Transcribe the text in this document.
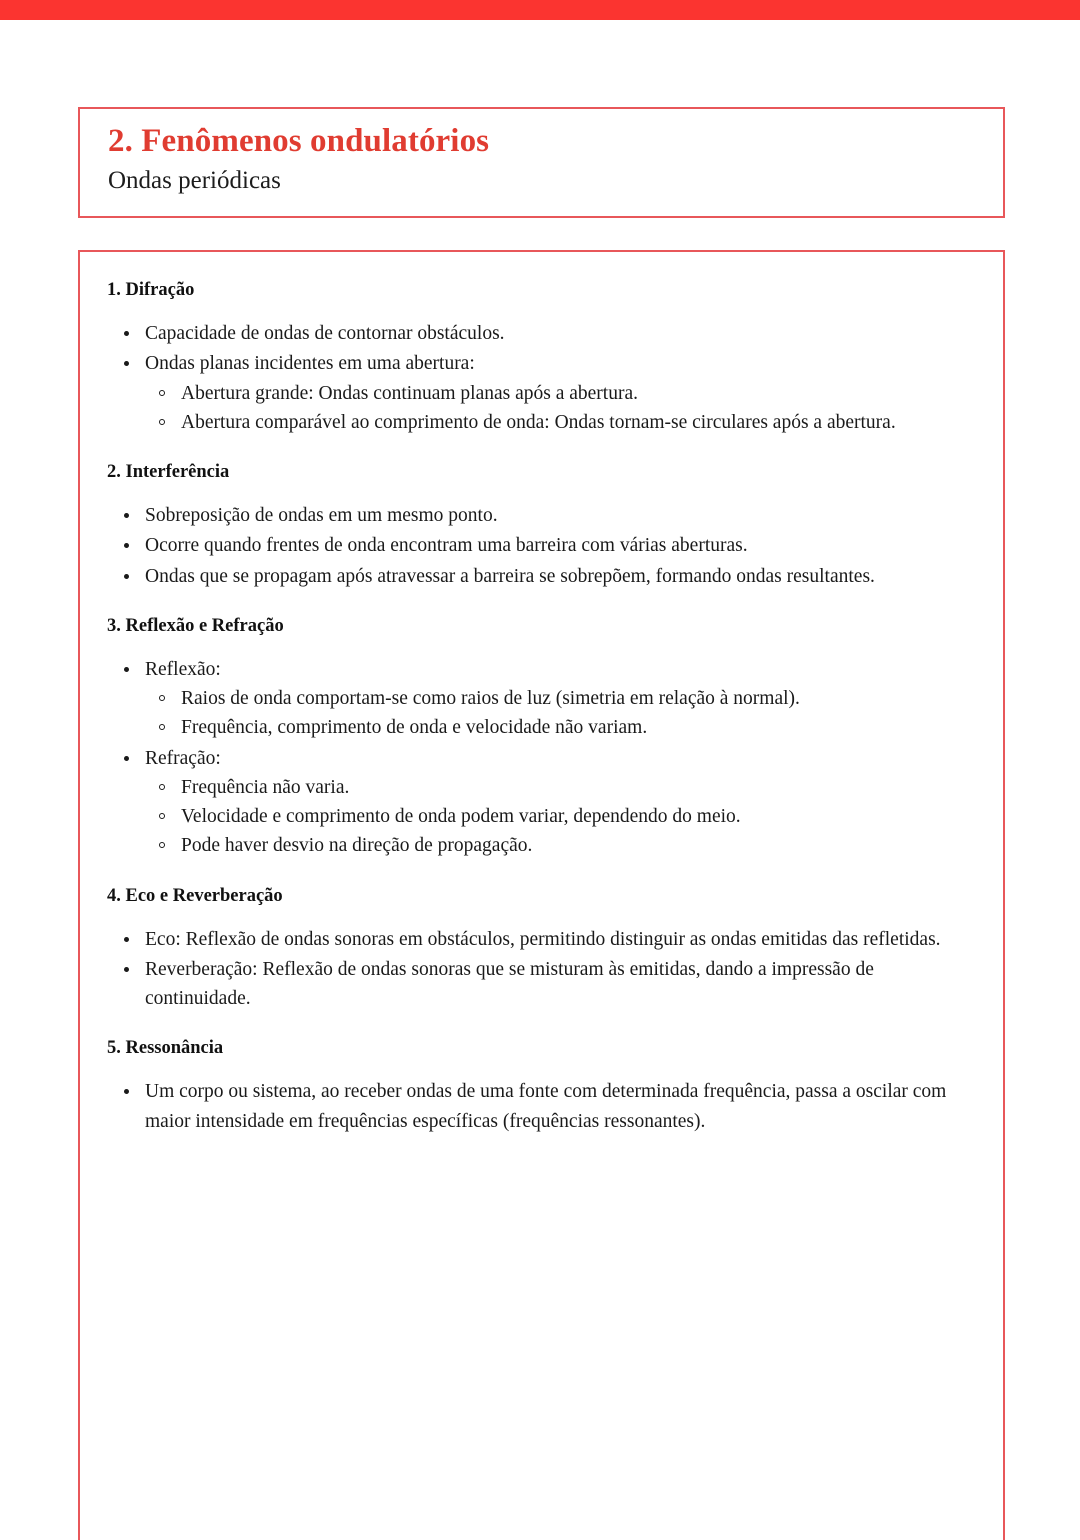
2. Fenômenos ondulatórios
Ondas periódicas
1. Difração
Capacidade de ondas de contornar obstáculos.
Ondas planas incidentes em uma abertura:
Abertura grande: Ondas continuam planas após a abertura.
Abertura comparável ao comprimento de onda: Ondas tornam-se circulares após a abertura.
2. Interferência
Sobreposição de ondas em um mesmo ponto.
Ocorre quando frentes de onda encontram uma barreira com várias aberturas.
Ondas que se propagam após atravessar a barreira se sobrepõem, formando ondas resultantes.
3. Reflexão e Refração
Reflexão:
Raios de onda comportam-se como raios de luz (simetria em relação à normal).
Frequência, comprimento de onda e velocidade não variam.
Refração:
Frequência não varia.
Velocidade e comprimento de onda podem variar, dependendo do meio.
Pode haver desvio na direção de propagação.
4. Eco e Reverberação
Eco: Reflexão de ondas sonoras em obstáculos, permitindo distinguir as ondas emitidas das refletidas.
Reverberação: Reflexão de ondas sonoras que se misturam às emitidas, dando a impressão de continuidade.
5. Ressonância
Um corpo ou sistema, ao receber ondas de uma fonte com determinada frequência, passa a oscilar com maior intensidade em frequências específicas (frequências ressonantes).
